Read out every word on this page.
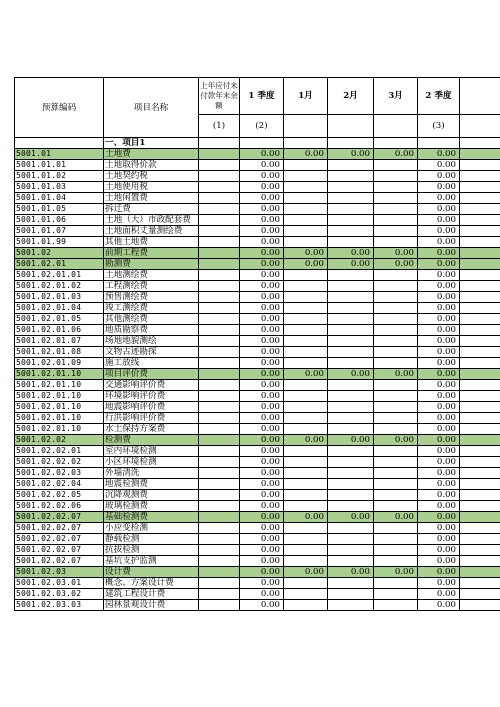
预算编码	项目名称	上年应付未付款年末余额	1 季度	1月	2月	3月	2 季度	
		(1)	(2)				(3)	
	一、项目1							
5001.01	土地费		0.00	0.00	0.00	0.00	0.00	
5001.01.01	土地取得价款		0.00				0.00	
5001.01.02	土地契约税		0.00				0.00	
5001.01.03	土地使用税		0.00				0.00	
5001.01.04	土地闲置费		0.00				0.00	
5001.01.05	拆迁费		0.00				0.00	
5001.01.06	土地（大）市政配套费		0.00				0.00	
5001.01.07	土地面积丈量测绘费		0.00				0.00	
5001.01.99	其他土地费		0.00				0.00	
5001.02	前期工程费		0.00	0.00	0.00	0.00	0.00	
5001.02.01	勘测费		0.00	0.00	0.00	0.00	0.00	
5001.02.01.01	土地测绘费		0.00				0.00	
5001.02.01.02	工程测绘费		0.00				0.00	
5001.02.01.03	预售测绘费		0.00				0.00	
5001.02.01.04	竣工测绘费		0.00				0.00	
5001.02.01.05	其他测绘费		0.00				0.00	
5001.02.01.06	地质勘察费		0.00				0.00	
5001.02.01.07	场地地貌测绘		0.00				0.00	
5001.02.01.08	文物古迹勘探		0.00				0.00	
5001.02.01.09	施工放线		0.00				0.00	
5001.02.01.10	项目评价费		0.00	0.00	0.00	0.00	0.00	
5001.02.01.10	交通影响评价费		0.00				0.00	
5001.02.01.10	环境影响评价费		0.00				0.00	
5001.02.01.10	地震影响评价费		0.00				0.00	
5001.02.01.10	行洪影响评价费		0.00				0.00	
5001.02.01.10	水土保持方案费		0.00				0.00	
5001.02.02	检测费		0.00	0.00	0.00	0.00	0.00	
5001.02.02.01	室内环境检测		0.00				0.00	
5001.02.02.02	小区环境检测		0.00				0.00	
5001.02.02.03	外墙清洗		0.00				0.00	
5001.02.02.04	地震检测费		0.00				0.00	
5001.02.02.05	沉降观测费		0.00				0.00	
5001.02.02.06	玻璃检测费		0.00				0.00	
5001.02.02.07	基础检测费		0.00	0.00	0.00	0.00	0.00	
5001.02.02.07	小应变检测		0.00				0.00	
5001.02.02.07	静载检测		0.00				0.00	
5001.02.02.07	抗拔检测		0.00				0.00	
5001.02.02.07	基坑支护监测		0.00				0.00	
5001.02.03	设计费		0.00	0.00	0.00	0.00	0.00	
5001.02.03.01	概念、方案设计费		0.00				0.00	
5001.02.03.02	建筑工程设计费		0.00				0.00	
5001.02.03.03	园林景观设计费		0.00				0.00	
